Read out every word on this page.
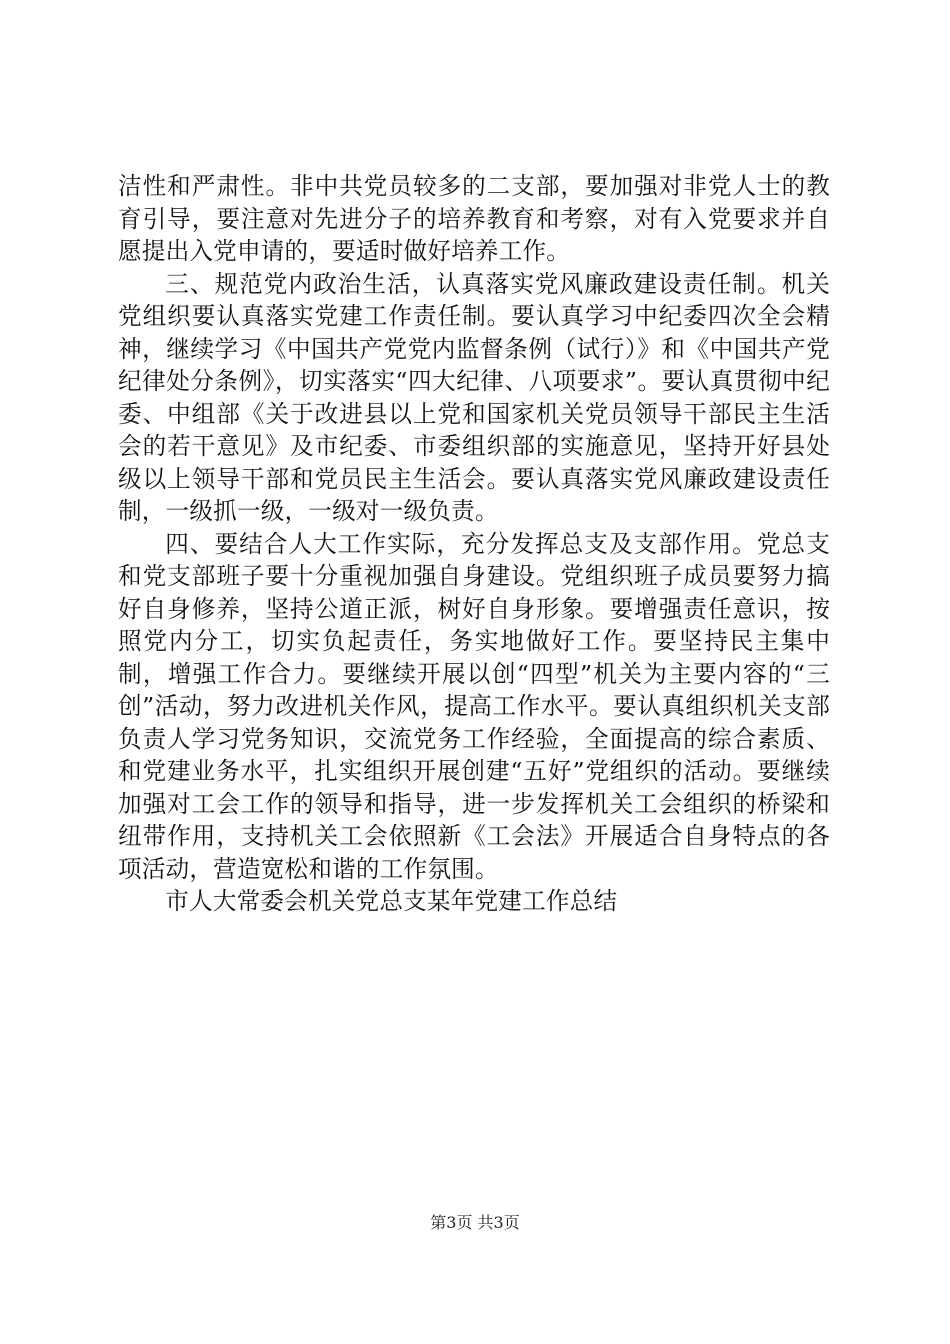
洁性和严肃性。非中共党员较多的二支部，要加强对非党人士的教育引导，要注意对先进分子的培养教育和考察，对有入党要求并自愿提出入党申请的，要适时做好培养工作。

三、规范党内政治生活，认真落实党风廉政建设责任制。机关党组织要认真落实党建工作责任制。要认真学习中纪委四次全会精神，继续学习《中国共产党党内监督条例（试行）》和《中国共产党纪律处分条例》，切实落实“四大纪律、八项要求”。要认真贯彻中纪委、中组部《关于改进县以上党和国家机关党员领导干部民主生活会的若干意见》及市纪委、市委组织部的实施意见，坚持开好县处级以上领导干部和党员民主生活会。要认真落实党风廉政建设责任制，一级抓一级，一级对一级负责。

四、要结合人大工作实际，充分发挥总支及支部作用。党总支和党支部班子要十分重视加强自身建设。党组织班子成员要努力搞好自身修养，坚持公道正派，树好自身形象。要增强责任意识，按照党内分工，切实负起责任，务实地做好工作。要坚持民主集中制，增强工作合力。要继续开展以创“四型”机关为主要内容的“三创”活动，努力改进机关作风，提高工作水平。要认真组织机关支部负责人学习党务知识，交流党务工作经验，全面提高的综合素质、和党建业务水平，扎实组织开展创建“五好”党组织的活动。要继续加强对工会工作的领导和指导，进一步发挥机关工会组织的桥梁和纽带作用，支持机关工会依照新《工会法》开展适合自身特点的各项活动，营造宽松和谐的工作氛围。

市人大常委会机关党总支某年党建工作总结

第3页 共3页
